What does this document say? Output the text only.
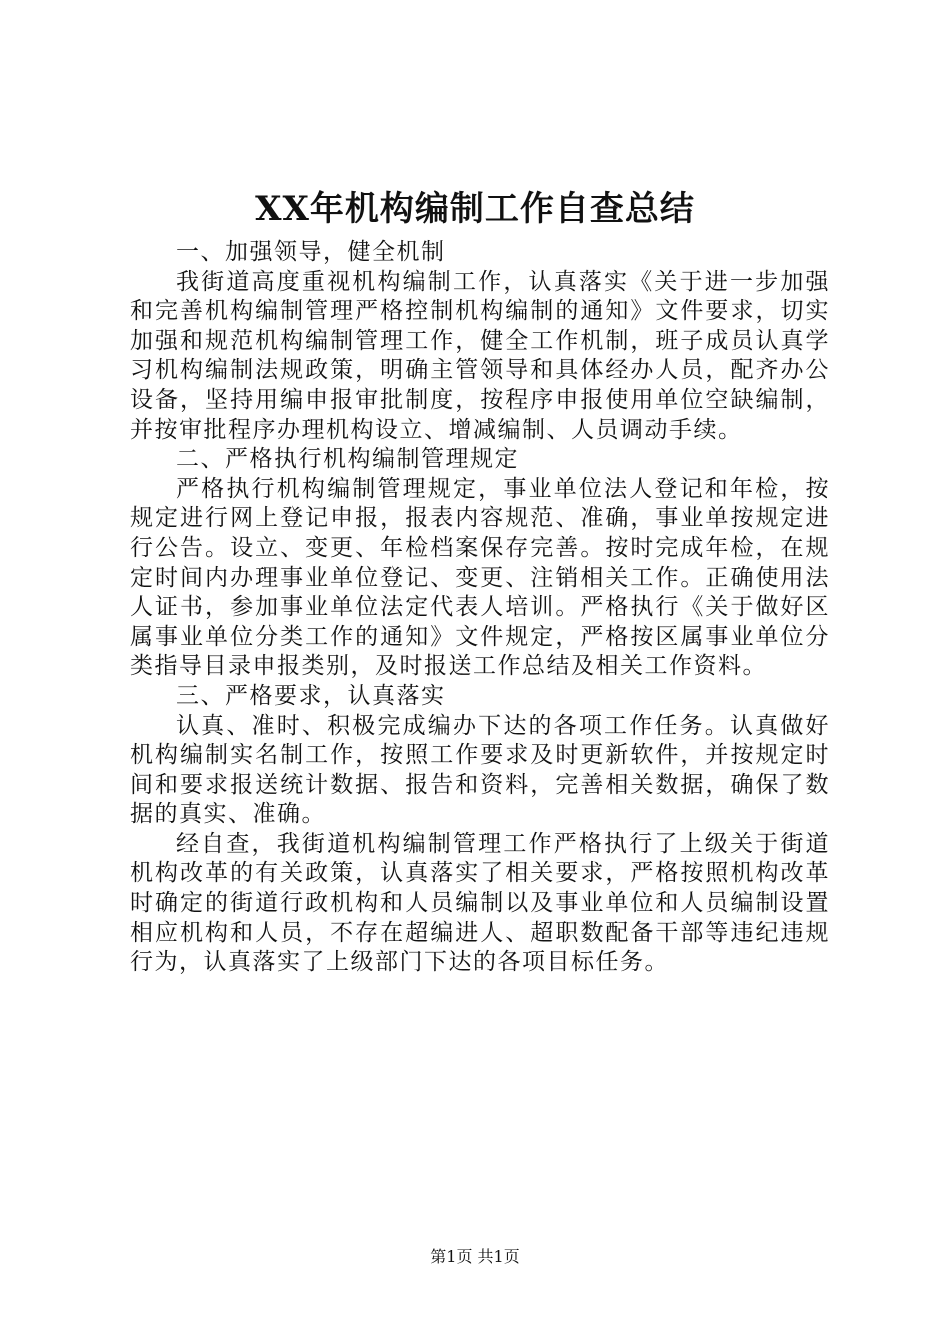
XX年机构编制工作自查总结

一、加强领导，健全机制

我街道高度重视机构编制工作，认真落实《关于进一步加强和完善机构编制管理严格控制机构编制的通知》文件要求，切实加强和规范机构编制管理工作，健全工作机制，班子成员认真学习机构编制法规政策，明确主管领导和具体经办人员，配齐办公设备，坚持用编申报审批制度，按程序申报使用单位空缺编制，并按审批程序办理机构设立、增减编制、人员调动手续。

二、严格执行机构编制管理规定

严格执行机构编制管理规定，事业单位法人登记和年检，按规定进行网上登记申报，报表内容规范、准确，事业单按规定进行公告。设立、变更、年检档案保存完善。按时完成年检，在规定时间内办理事业单位登记、变更、注销相关工作。正确使用法人证书，参加事业单位法定代表人培训。严格执行《关于做好区属事业单位分类工作的通知》文件规定，严格按区属事业单位分类指导目录申报类别，及时报送工作总结及相关工作资料。

三、严格要求，认真落实

认真、准时、积极完成编办下达的各项工作任务。认真做好机构编制实名制工作，按照工作要求及时更新软件，并按规定时间和要求报送统计数据、报告和资料，完善相关数据，确保了数据的真实、准确。

经自查，我街道机构编制管理工作严格执行了上级关于街道机构改革的有关政策，认真落实了相关要求，严格按照机构改革时确定的街道行政机构和人员编制以及事业单位和人员编制设置相应机构和人员，不存在超编进人、超职数配备干部等违纪违规行为，认真落实了上级部门下达的各项目标任务。

第1页 共1页
